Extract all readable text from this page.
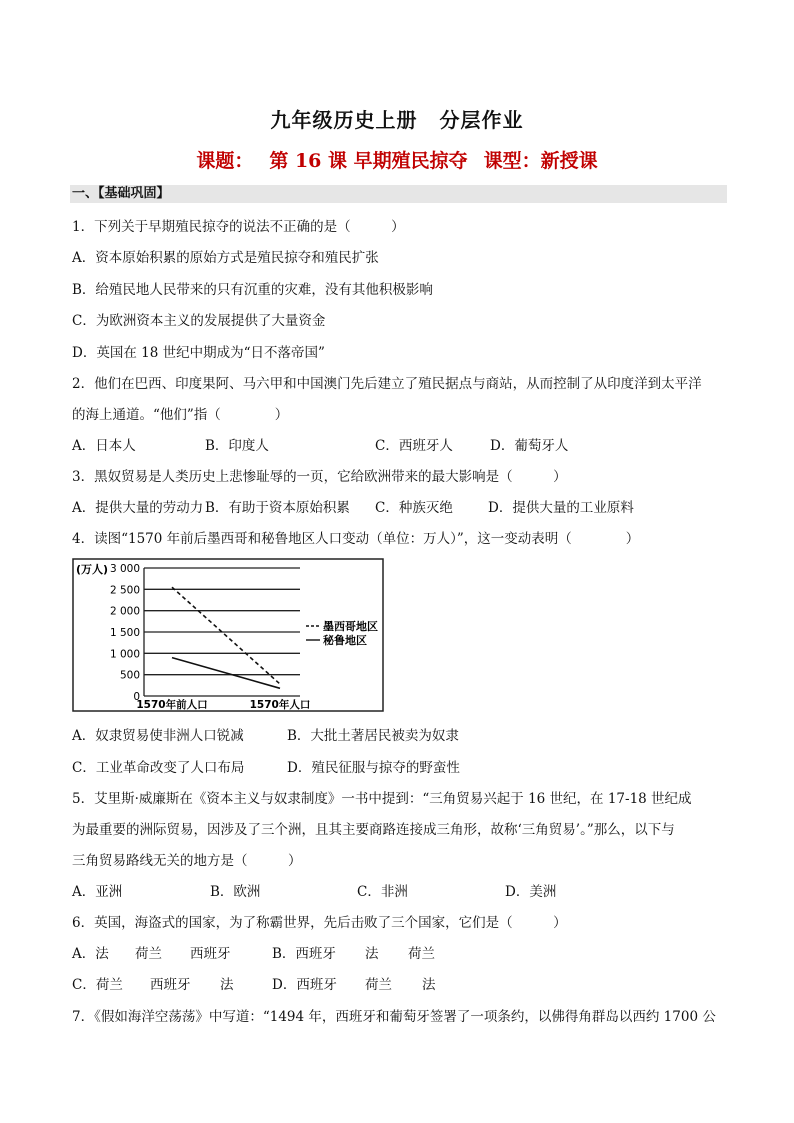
九年级历史上册 分层作业
课题： 第 16 课 早期殖民掠夺 课型：新授课
一、【基础巩固】
1．下列关于早期殖民掠夺的说法不正确的是（　　　）
A．资本原始积累的原始方式是殖民掠夺和殖民扩张
B．给殖民地人民带来的只有沉重的灾难，没有其他积极影响
C．为欧洲资本主义的发展提供了大量资金
D．英国在 18 世纪中期成为“日不落帝国”
2．他们在巴西、印度果阿、马六甲和中国澳门先后建立了殖民据点与商站，从而控制了从印度洋到太平洋
的海上通道。“他们”指（　　　　）
A．日本人	B．印度人	C．西班牙人	D．葡萄牙人
3．黑奴贸易是人类历史上悲惨耻辱的一页，它给欧洲带来的最大影响是（　　　）
A．提供大量的劳动力 B．有助于资本原始积累 C．种族灭绝	D．提供大量的工业原料
4．读图“1570 年前后墨西哥和秘鲁地区人口变动（单位：万人）”，这一变动表明（　　　　）
(万人) 3 000
2 500
2 000
1 500
1 000
500
0
1570年前人口	1570年人口
墨西哥地区
秘鲁地区
A．奴隶贸易使非洲人口锐减	B．大批土著居民被卖为奴隶
C．工业革命改变了人口布局	D．殖民征服与掠夺的野蛮性
5．艾里斯·威廉斯在《资本主义与奴隶制度》一书中提到：“三角贸易兴起于 16 世纪，在 17-18 世纪成
为最重要的洲际贸易，因涉及了三个洲，且其主要商路连接成三角形，故称‘三角贸易’。”那么，以下与
三角贸易路线无关的地方是（　　　）
A．亚洲	B．欧洲	C．非洲	D．美洲
6．英国，海盗式的国家，为了称霸世界，先后击败了三个国家，它们是（　　　）
A．法 荷兰 西班牙	B．西班牙 法 荷兰
C．荷兰 西班牙 法	D．西班牙 荷兰 法
7．《假如海洋空荡荡》中写道：“1494 年，西班牙和葡萄牙签署了一项条约，以佛得角群岛以西约 1700 公
